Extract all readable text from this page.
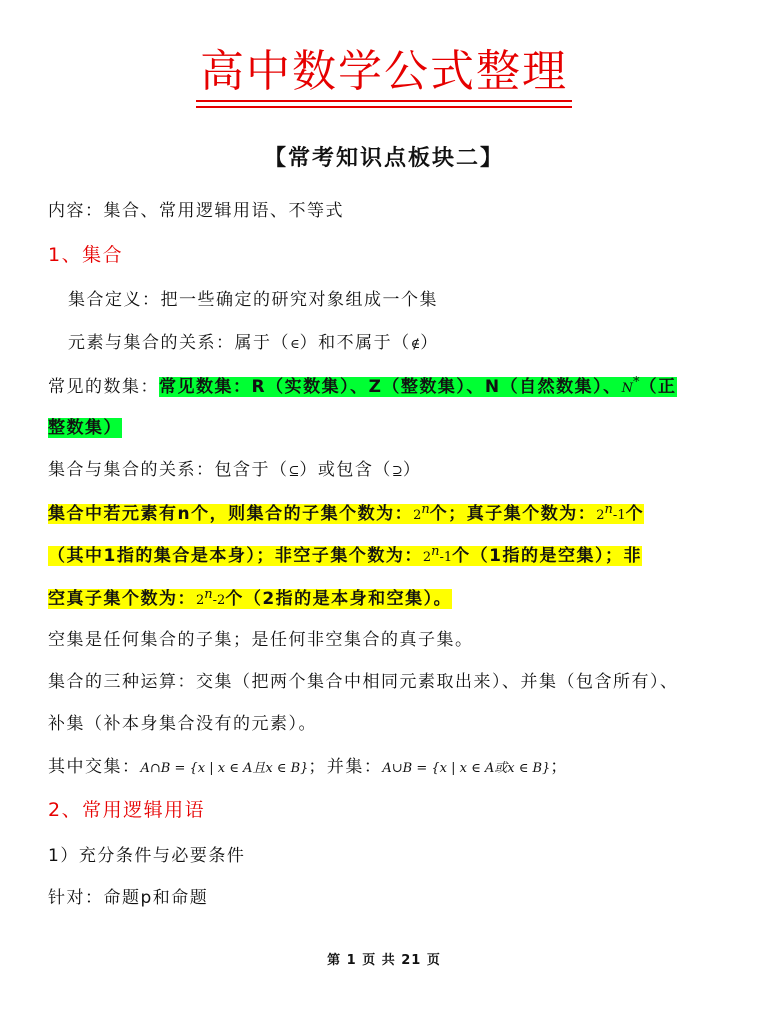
高中数学公式整理
【常考知识点板块二】
内容：集合、常用逻辑用语、不等式
1、集合
集合定义：把一些确定的研究对象组成一个集
元素与集合的关系：属于（∈）和不属于（∉）
常见的数集：常见数集：R（实数集）、Z（整数集）、N（自然数集）、N*（正
整数集）
集合与集合的关系：包含于（⊆）或包含（⊇）
集合中若元素有n个，则集合的子集个数为：2$^n$个；真子集个数为：2$^n$-1个
（其中1指的集合是本身）；非空子集个数为：2$^n$-1个（1指的是空集）；非
空真子集个数为：2$^n$-2个（2指的是本身和空集）。
空集是任何集合的子集；是任何非空集合的真子集。
集合的三种运算：交集（把两个集合中相同元素取出来）、并集（包含所有）、
补集（补本身集合没有的元素）。
其中交集：A∩B = {x | x ∈ A且x ∈ B}；并集：A∪B = {x | x ∈ A或x ∈ B}；
2、常用逻辑用语
1）充分条件与必要条件
针对：命题p和命题
第 1 页 共 21 页
